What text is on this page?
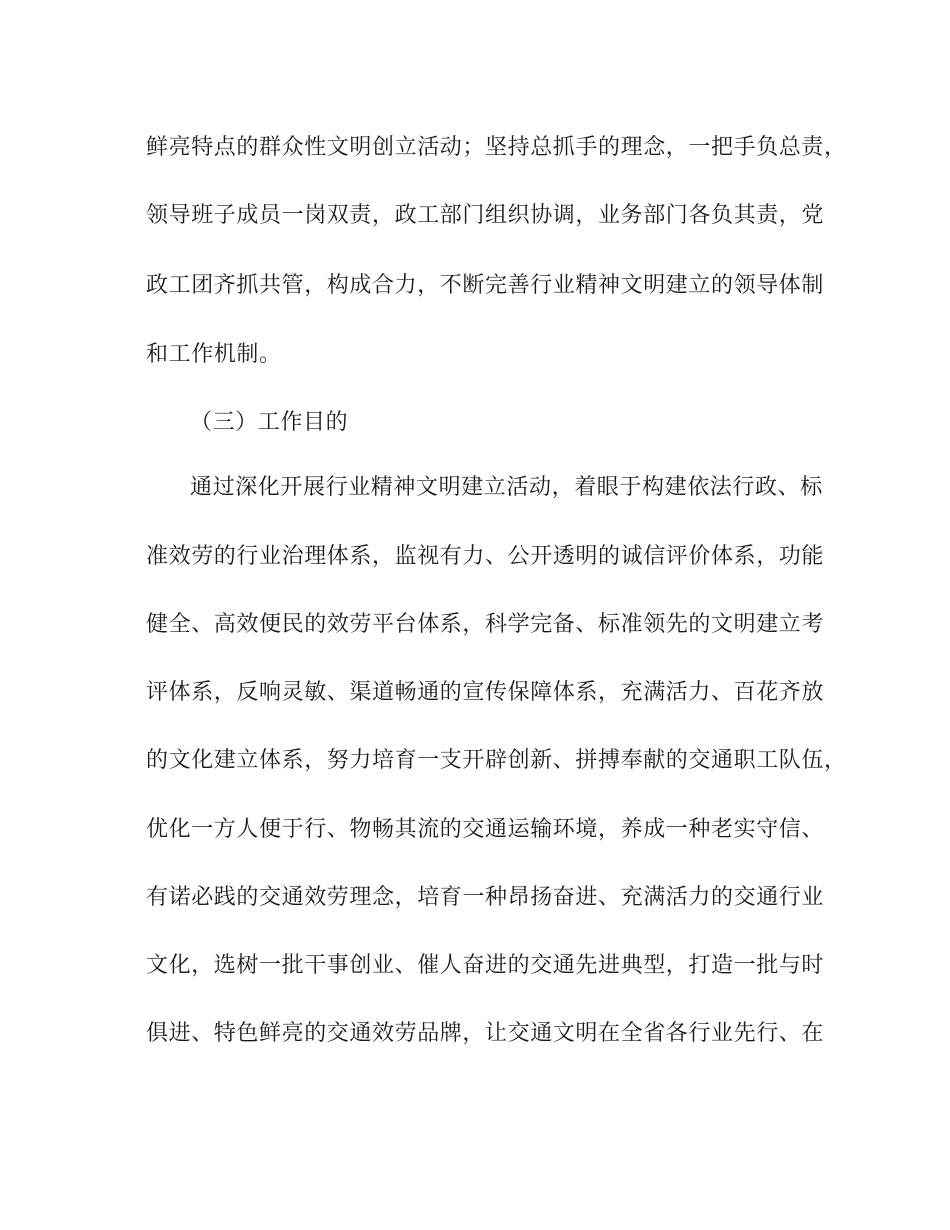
鲜亮特点的群众性文明创立活动；坚持总抓手的理念，一把手负总责，
领导班子成员一岗双责，政工部门组织协调，业务部门各负其责，党
政工团齐抓共管，构成合力，不断完善行业精神文明建立的领导体制
和工作机制。
（三）工作目的
通过深化开展行业精神文明建立活动，着眼于构建依法行政、标
准效劳的行业治理体系，监视有力、公开透明的诚信评价体系，功能
健全、高效便民的效劳平台体系，科学完备、标准领先的文明建立考
评体系，反响灵敏、渠道畅通的宣传保障体系，充满活力、百花齐放
的文化建立体系，努力培育一支开辟创新、拼搏奉献的交通职工队伍，
优化一方人便于行、物畅其流的交通运输环境，养成一种老实守信、
有诺必践的交通效劳理念，培育一种昂扬奋进、充满活力的交通行业
文化，选树一批干事创业、催人奋进的交通先进典型，打造一批与时
俱进、特色鲜亮的交通效劳品牌，让交通文明在全省各行业先行、在
